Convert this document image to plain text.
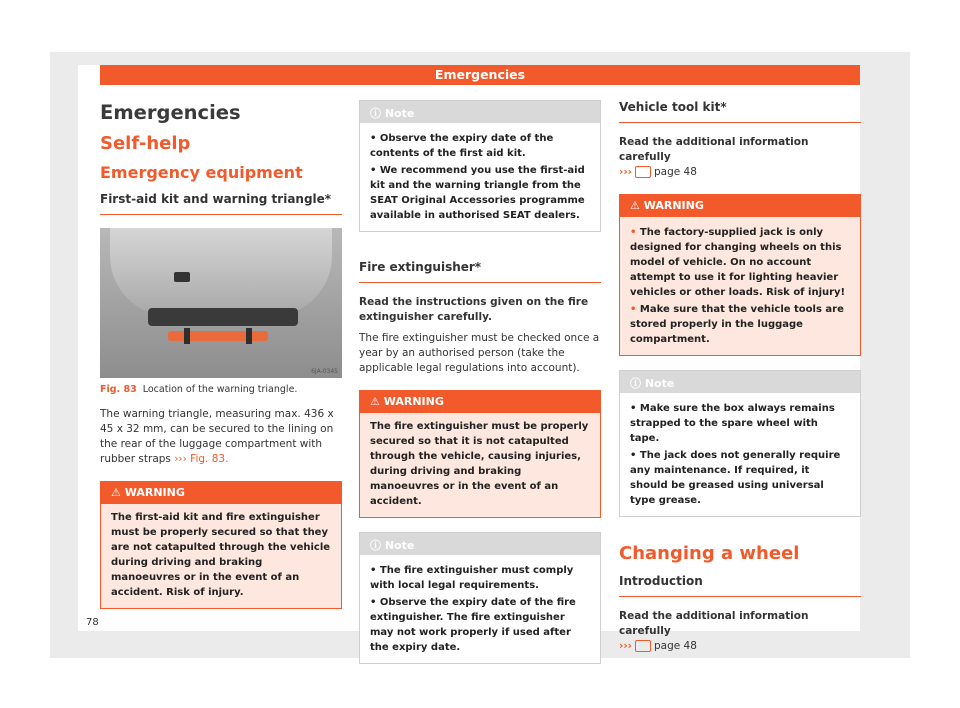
Emergencies
Emergencies
Self-help
Emergency equipment
First-aid kit and warning triangle*
6JA-0345
Fig. 83 Location of the warning triangle.
The warning triangle, measuring max. 436 x 45 x 32 mm, can be secured to the lining on the rear of the luggage compartment with rubber straps ››› Fig. 83.
⚠ WARNING
The first-aid kit and fire extinguisher must be properly secured so that they are not catapulted through the vehicle during driving and braking manoeuvres or in the event of an accident. Risk of injury.
ⓘ Note
• Observe the expiry date of the contents of the first aid kit.
• We recommend you use the first-aid kit and the warning triangle from the SEAT Original Accessories programme available in authorised SEAT dealers.
Fire extinguisher*
Read the instructions given on the fire extinguisher carefully.
The fire extinguisher must be checked once a year by an authorised person (take the applicable legal regulations into account).
⚠ WARNING
The fire extinguisher must be properly secured so that it is not catapulted through the vehicle, causing injuries, during driving and braking manoeuvres or in the event of an accident.
ⓘ Note
• The fire extinguisher must comply with local legal requirements.
• Observe the expiry date of the fire extinguisher. The fire extinguisher may not work properly if used after the expiry date.
Vehicle tool kit*
Read the additional information carefully
››› page 48
⚠ WARNING
• The factory-supplied jack is only designed for changing wheels on this model of vehicle. On no account attempt to use it for lighting heavier vehicles or other loads. Risk of injury!
• Make sure that the vehicle tools are stored properly in the luggage compartment.
ⓘ Note
• Make sure the box always remains strapped to the spare wheel with tape.
• The jack does not generally require any maintenance. If required, it should be greased using universal type grease.
Changing a wheel
Introduction
Read the additional information carefully
››› page 48
78
